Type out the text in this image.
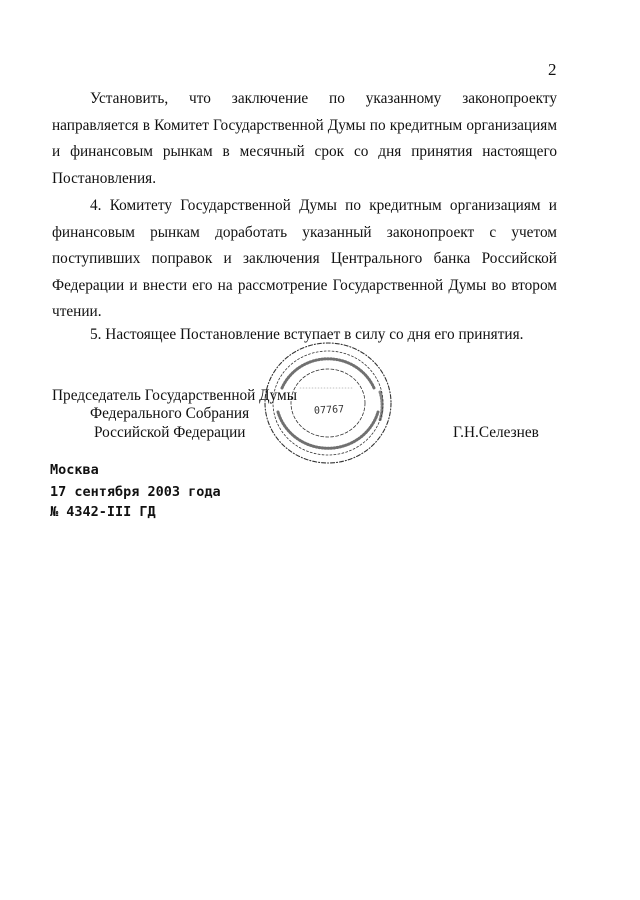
2
Установить, что заключение по указанному законопроекту
направляется в Комитет Государственной Думы по кредитным организациям
и финансовым рынкам в месячный срок со дня принятия настоящего
Постановления.
4. Комитету Государственной Думы по кредитным организациям и
финансовым рынкам доработать указанный законопроект с учетом
поступивших поправок и заключения Центрального банка Российской
Федерации и внести его на рассмотрение Государственной Думы во втором
чтении.
5. Настоящее Постановление вступает в силу со дня его принятия.
07767
Председатель Государственной Думы
Федерального Собрания
Российской Федерации	Г.Н.Селезнев
Москва
17 сентября 2003 года
№ 4342-III ГД
